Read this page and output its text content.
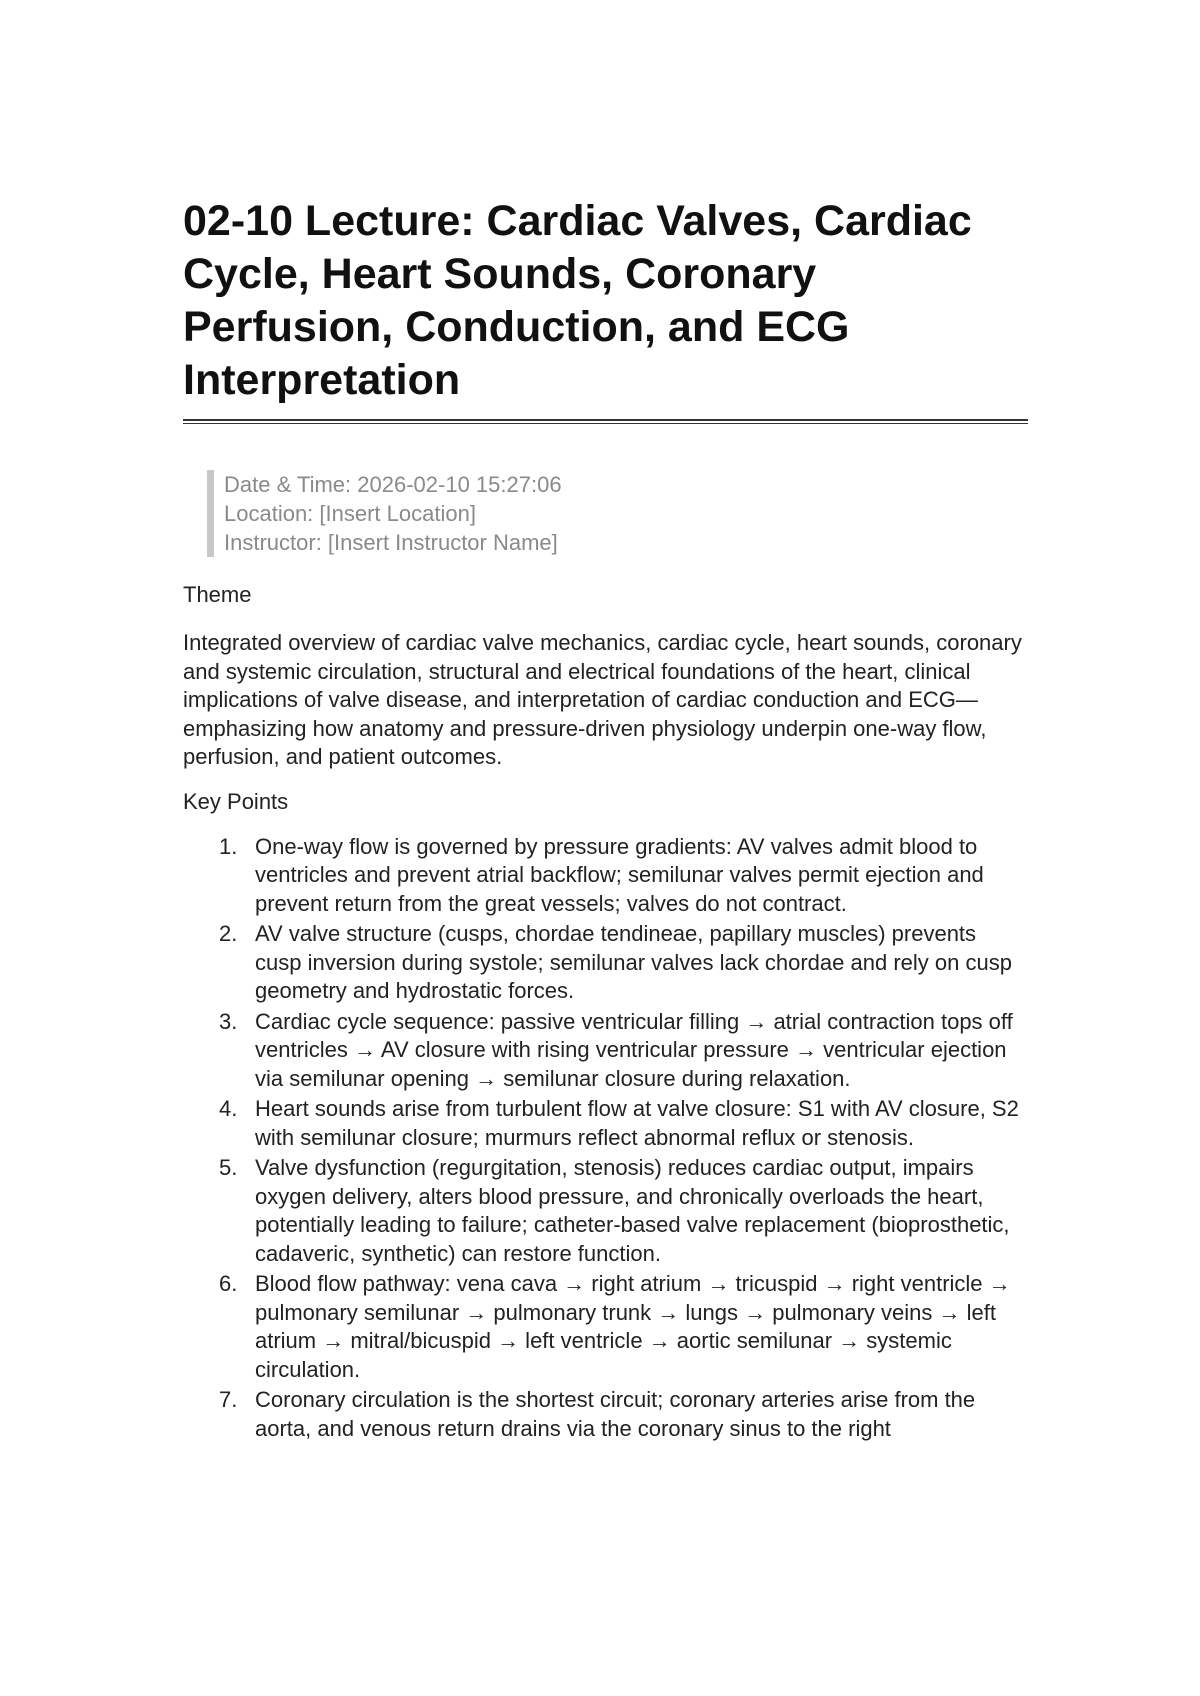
02-10 Lecture: Cardiac Valves, Cardiac Cycle, Heart Sounds, Coronary Perfusion, Conduction, and ECG Interpretation
Date & Time: 2026-02-10 15:27:06
Location: [Insert Location]
Instructor: [Insert Instructor Name]
Theme
Integrated overview of cardiac valve mechanics, cardiac cycle, heart sounds, coronary and systemic circulation, structural and electrical foundations of the heart, clinical implications of valve disease, and interpretation of cardiac conduction and ECG—emphasizing how anatomy and pressure-driven physiology underpin one-way flow, perfusion, and patient outcomes.
Key Points
1. One-way flow is governed by pressure gradients: AV valves admit blood to ventricles and prevent atrial backflow; semilunar valves permit ejection and prevent return from the great vessels; valves do not contract.
2. AV valve structure (cusps, chordae tendineae, papillary muscles) prevents cusp inversion during systole; semilunar valves lack chordae and rely on cusp geometry and hydrostatic forces.
3. Cardiac cycle sequence: passive ventricular filling → atrial contraction tops off ventricles → AV closure with rising ventricular pressure → ventricular ejection via semilunar opening → semilunar closure during relaxation.
4. Heart sounds arise from turbulent flow at valve closure: S1 with AV closure, S2 with semilunar closure; murmurs reflect abnormal reflux or stenosis.
5. Valve dysfunction (regurgitation, stenosis) reduces cardiac output, impairs oxygen delivery, alters blood pressure, and chronically overloads the heart, potentially leading to failure; catheter-based valve replacement (bioprosthetic, cadaveric, synthetic) can restore function.
6. Blood flow pathway: vena cava → right atrium → tricuspid → right ventricle → pulmonary semilunar → pulmonary trunk → lungs → pulmonary veins → left atrium → mitral/bicuspid → left ventricle → aortic semilunar → systemic circulation.
7. Coronary circulation is the shortest circuit; coronary arteries arise from the aorta, and venous return drains via the coronary sinus to the right
